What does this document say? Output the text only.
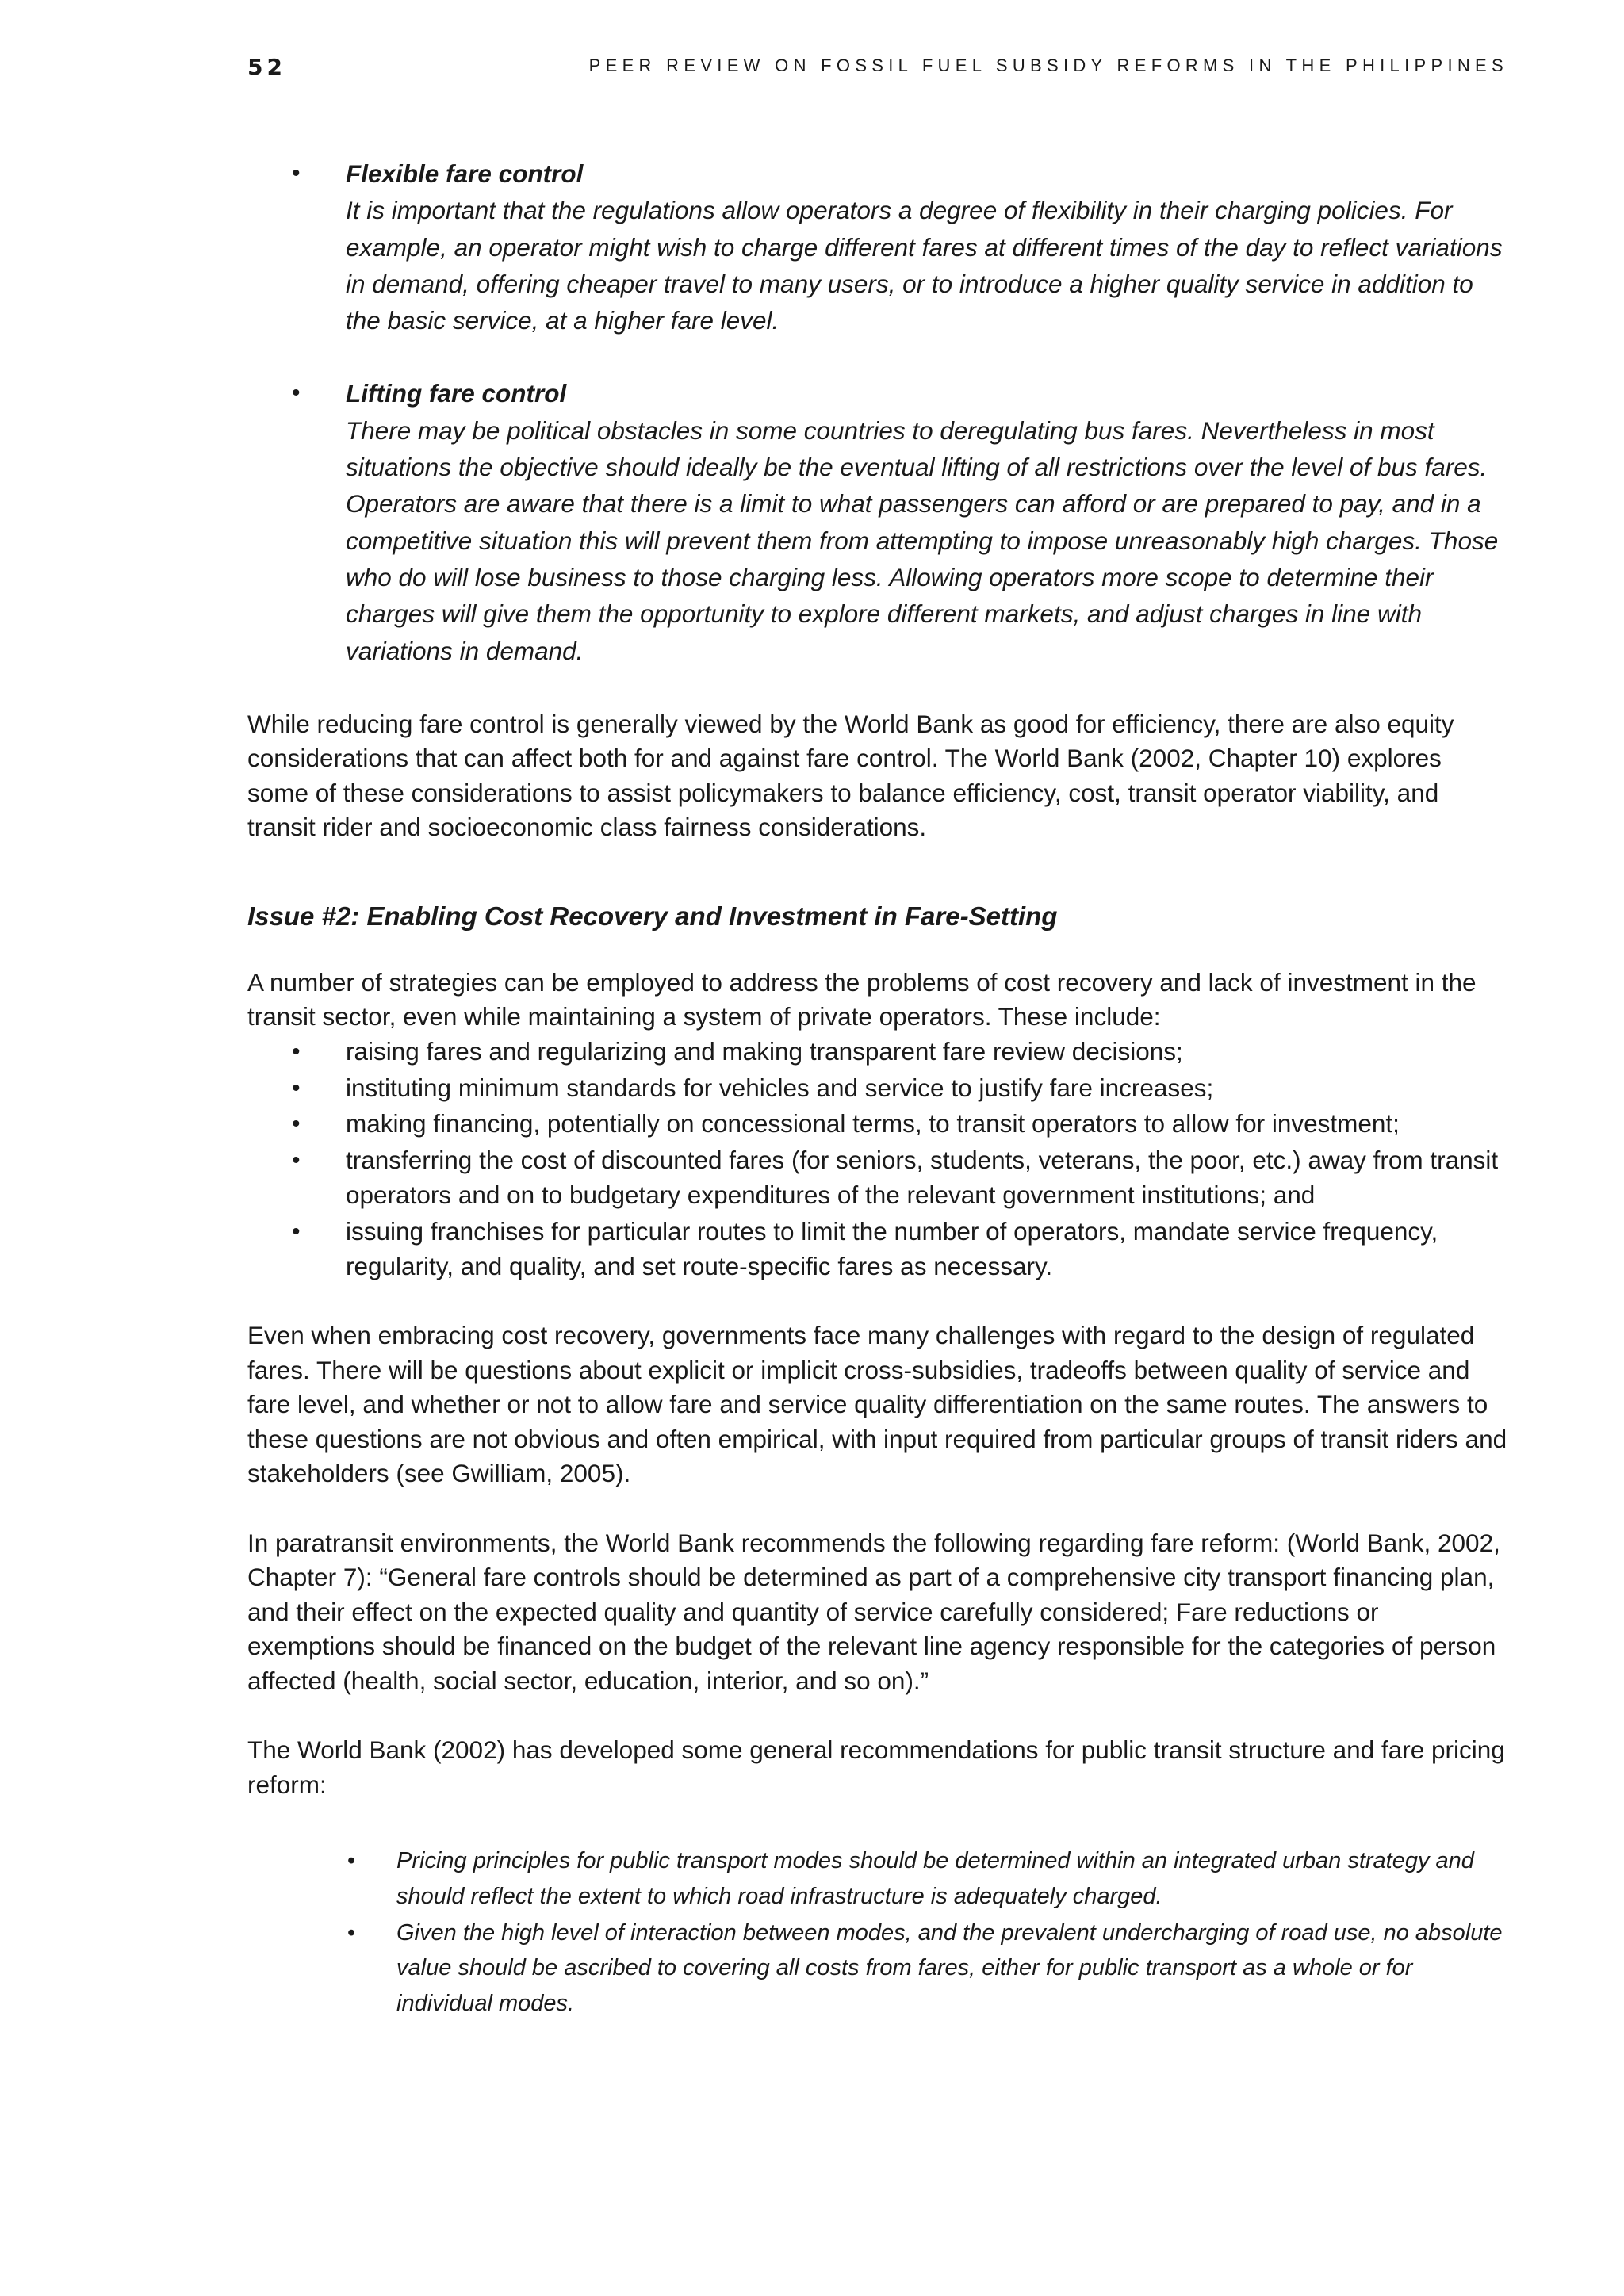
52	PEER REVIEW ON FOSSIL FUEL SUBSIDY REFORMS IN THE PHILIPPINES
• Flexible fare control
It is important that the regulations allow operators a degree of flexibility in their charging policies. For example, an operator might wish to charge different fares at different times of the day to reflect variations in demand, offering cheaper travel to many users, or to introduce a higher quality service in addition to the basic service, at a higher fare level.
• Lifting fare control
There may be political obstacles in some countries to deregulating bus fares. Nevertheless in most situations the objective should ideally be the eventual lifting of all restrictions over the level of bus fares. Operators are aware that there is a limit to what passengers can afford or are prepared to pay, and in a competitive situation this will prevent them from attempting to impose unreasonably high charges. Those who do will lose business to those charging less. Allowing operators more scope to determine their charges will give them the opportunity to explore different markets, and adjust charges in line with variations in demand.

While reducing fare control is generally viewed by the World Bank as good for efficiency, there are also equity considerations that can affect both for and against fare control. The World Bank (2002, Chapter 10) explores some of these considerations to assist policymakers to balance efficiency, cost, transit operator viability, and transit rider and socioeconomic class fairness considerations.

Issue #2: Enabling Cost Recovery and Investment in Fare-Setting

A number of strategies can be employed to address the problems of cost recovery and lack of investment in the transit sector, even while maintaining a system of private operators. These include:

• raising fares and regularizing and making transparent fare review decisions;
• instituting minimum standards for vehicles and service to justify fare increases;
• making financing, potentially on concessional terms, to transit operators to allow for investment;
• transferring the cost of discounted fares (for seniors, students, veterans, the poor, etc.) away from transit operators and on to budgetary expenditures of the relevant government institutions; and
• issuing franchises for particular routes to limit the number of operators, mandate service frequency, regularity, and quality, and set route-specific fares as necessary.

Even when embracing cost recovery, governments face many challenges with regard to the design of regulated fares. There will be questions about explicit or implicit cross-subsidies, tradeoffs between quality of service and fare level, and whether or not to allow fare and service quality differentiation on the same routes. The answers to these questions are not obvious and often empirical, with input required from particular groups of transit riders and stakeholders (see Gwilliam, 2005).

In paratransit environments, the World Bank recommends the following regarding fare reform: (World Bank, 2002, Chapter 7): “General fare controls should be determined as part of a comprehensive city transport financing plan, and their effect on the expected quality and quantity of service carefully considered; Fare reductions or exemptions should be financed on the budget of the relevant line agency responsible for the categories of person affected (health, social sector, education, interior, and so on).”

The World Bank (2002) has developed some general recommendations for public transit structure and fare pricing reform:

• Pricing principles for public transport modes should be determined within an integrated urban strategy and should reflect the extent to which road infrastructure is adequately charged.
• Given the high level of interaction between modes, and the prevalent undercharging of road use, no absolute value should be ascribed to covering all costs from fares, either for public transport as a whole or for individual modes.
